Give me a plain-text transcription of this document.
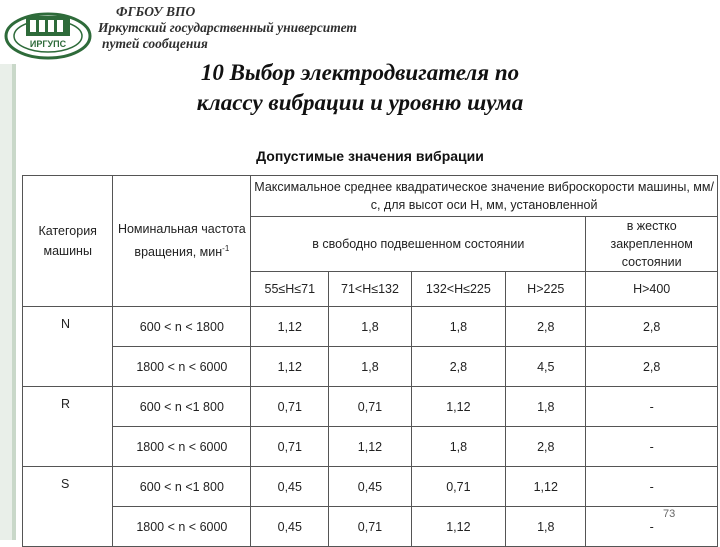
ИРГУПС
ФГБОУ ВПО
Иркутский государственный университет
путей сообщения
10 Выбор электродвигателя по
классу вибрации и уровню шума
Допустимые значения вибрации
Категория машины	Номинальная частота вращения, мин$^{-1}$	Максимальное среднее квадратическое значение виброскорости машины, мм/с, для высот оси H, мм, установленной				
		в свободно подвешенном состоянии				в жестко закрепленном состоянии
		55≤H≤71	71<H≤132	132<H≤225	H>225	H>400
N	600 < n < 1800	1,12	1,8	1,8	2,8	2,8
	1800 < n < 6000	1,12	1,8	2,8	4,5	2,8
R	600 < n <1 800	0,71	0,71	1,12	1,8	-
	1800 < n < 6000	0,71	1,12	1,8	2,8	-
S	600 < n <1 800	0,45	0,45	0,71	1,12	-
	1800 < n < 6000	0,45	0,71	1,12	1,8	-
73
